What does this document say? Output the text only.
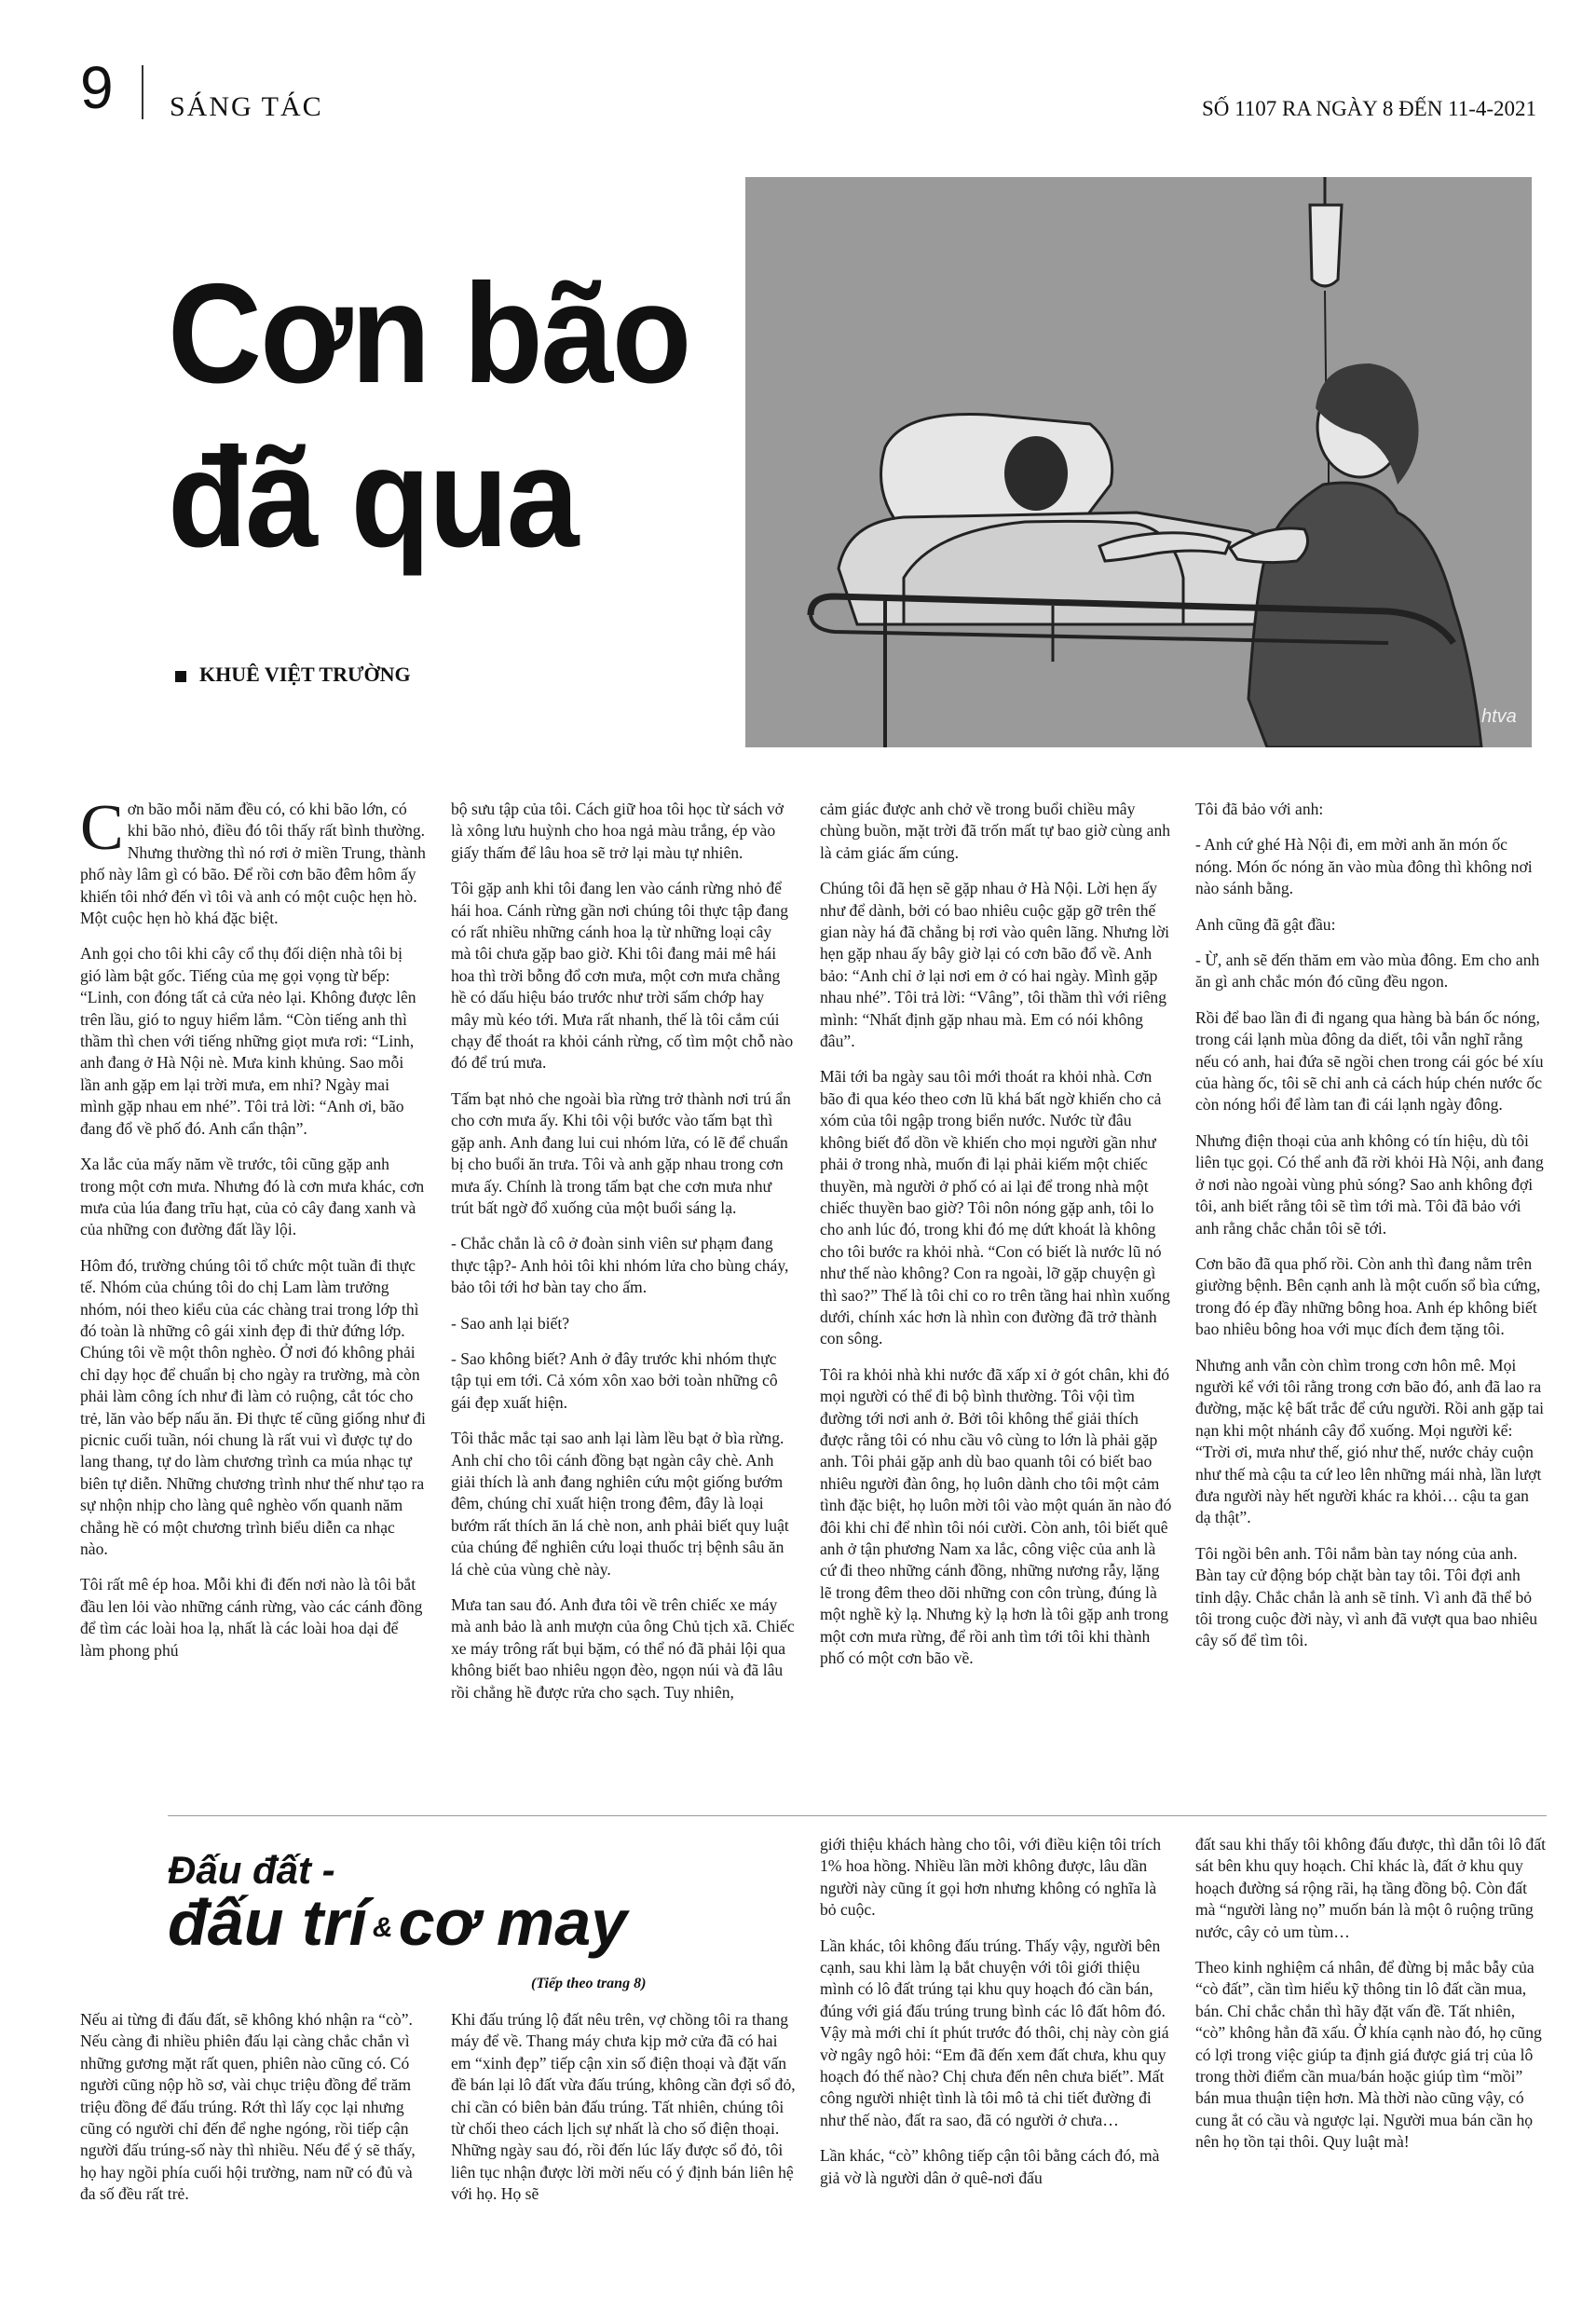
9 SÁNG TÁC	SỐ 1107 RA NGÀY 8 ĐẾN 11-4-2021
Cơn bão
đã qua
KHUÊ VIỆT TRƯỜNG
htva

Cơn bão mỗi năm đều có, có khi bão lớn, có khi bão nhỏ, điều đó tôi thấy rất bình thường. Nhưng thường thì nó rơi ở miền Trung, thành phố này lâm gì có bão. Để rồi cơn bão đêm hôm ấy khiến tôi nhớ đến vì tôi và anh có một cuộc hẹn hò. Một cuộc hẹn hò khá đặc biệt.

Anh gọi cho tôi khi cây cổ thụ đối diện nhà tôi bị gió làm bật gốc. Tiếng của mẹ gọi vọng từ bếp: “Linh, con đóng tất cả cửa nẻo lại. Không được lên trên lầu, gió to nguy hiểm lắm. “Còn tiếng anh thì thầm thì chen với tiếng những giọt mưa rơi: “Linh, anh đang ở Hà Nội nè. Mưa kinh khủng. Sao mỗi lần anh gặp em lại trời mưa, em nhỉ? Ngày mai mình gặp nhau em nhé”. Tôi trả lời: “Anh ơi, bão đang đổ về phố đó. Anh cẩn thận”.

Xa lắc của mấy năm về trước, tôi cũng gặp anh trong một cơn mưa. Nhưng đó là cơn mưa khác, cơn mưa của lúa đang trĩu hạt, của cỏ cây đang xanh và của những con đường đất lầy lội.

Hôm đó, trường chúng tôi tổ chức một tuần đi thực tế. Nhóm của chúng tôi do chị Lam làm trưởng nhóm, nói theo kiểu của các chàng trai trong lớp thì đó toàn là những cô gái xinh đẹp đi thử đứng lớp. Chúng tôi về một thôn nghèo. Ở nơi đó không phải chỉ dạy học để chuẩn bị cho ngày ra trường, mà còn phải làm công ích như đi làm cỏ ruộng, cắt tóc cho trẻ, lăn vào bếp nấu ăn. Đi thực tế cũng giống như đi picnic cuối tuần, nói chung là rất vui vì được tự do lang thang, tự do làm chương trình ca múa nhạc tự biên tự diễn. Những chương trình như thế như tạo ra sự nhộn nhịp cho làng quê nghèo vốn quanh năm chẳng hề có một chương trình biểu diễn ca nhạc nào.

Tôi rất mê ép hoa. Mỗi khi đi đến nơi nào là tôi bắt đầu len lỏi vào những cánh rừng, vào các cánh đồng để tìm các loài hoa lạ, nhất là các loài hoa dại để làm phong phú

bộ sưu tập của tôi. Cách giữ hoa tôi học từ sách vở là xông lưu huỳnh cho hoa ngả màu trắng, ép vào giấy thấm để lâu hoa sẽ trở lại màu tự nhiên.

Tôi gặp anh khi tôi đang len vào cánh rừng nhỏ để hái hoa. Cánh rừng gần nơi chúng tôi thực tập đang có rất nhiều những cánh hoa lạ từ những loại cây mà tôi chưa gặp bao giờ. Khi tôi đang mải mê hái hoa thì trời bỗng đổ cơn mưa, một cơn mưa chẳng hề có dấu hiệu báo trước như trời sấm chớp hay mây mù kéo tới. Mưa rất nhanh, thế là tôi cắm cúi chạy để thoát ra khỏi cánh rừng, cố tìm một chỗ nào đó để trú mưa.

Tấm bạt nhỏ che ngoài bìa rừng trở thành nơi trú ẩn cho cơn mưa ấy. Khi tôi vội bước vào tấm bạt thì gặp anh. Anh đang lui cui nhóm lửa, có lẽ để chuẩn bị cho buổi ăn trưa. Tôi và anh gặp nhau trong cơn mưa ấy. Chính là trong tấm bạt che cơn mưa như trút bất ngờ đổ xuống của một buổi sáng lạ.

- Chắc chắn là cô ở đoàn sinh viên sư phạm đang thực tập?- Anh hỏi tôi khi nhóm lửa cho bùng cháy, bảo tôi tới hơ bàn tay cho ấm.

- Sao anh lại biết?

- Sao không biết? Anh ở đây trước khi nhóm thực tập tụi em tới. Cả xóm xôn xao bởi toàn những cô gái đẹp xuất hiện.

Tôi thắc mắc tại sao anh lại làm lều bạt ở bìa rừng. Anh chỉ cho tôi cánh đồng bạt ngàn cây chè. Anh giải thích là anh đang nghiên cứu một giống bướm đêm, chúng chỉ xuất hiện trong đêm, đây là loại bướm rất thích ăn lá chè non, anh phải biết quy luật của chúng để nghiên cứu loại thuốc trị bệnh sâu ăn lá chè của vùng chè này.

Mưa tan sau đó. Anh đưa tôi về trên chiếc xe máy mà anh bảo là anh mượn của ông Chủ tịch xã. Chiếc xe máy trông rất bụi bặm, có thể nó đã phải lội qua không biết bao nhiêu ngọn đèo, ngọn núi và đã lâu rồi chẳng hề được rửa cho sạch. Tuy nhiên,

cảm giác được anh chở về trong buổi chiều mây chùng buồn, mặt trời đã trốn mất tự bao giờ cùng anh là cảm giác ấm cúng.

Chúng tôi đã hẹn sẽ gặp nhau ở Hà Nội. Lời hẹn ấy như để dành, bởi có bao nhiêu cuộc gặp gỡ trên thế gian này há đã chẳng bị rơi vào quên lãng. Nhưng lời hẹn gặp nhau ấy bây giờ lại có cơn bão đổ về. Anh bảo: “Anh chỉ ở lại nơi em ở có hai ngày. Mình gặp nhau nhé”. Tôi trả lời: “Vâng”, tôi thầm thì với riêng mình: “Nhất định gặp nhau mà. Em có nói không đâu”.

Mãi tới ba ngày sau tôi mới thoát ra khỏi nhà. Cơn bão đi qua kéo theo cơn lũ khá bất ngờ khiến cho cả xóm của tôi ngập trong biển nước. Nước từ đâu không biết đổ dồn về khiến cho mọi người gần như phải ở trong nhà, muốn đi lại phải kiếm một chiếc thuyền, mà người ở phố có ai lại để trong nhà một chiếc thuyền bao giờ? Tôi nôn nóng gặp anh, tôi lo cho anh lúc đó, trong khi đó mẹ dứt khoát là không cho tôi bước ra khỏi nhà. “Con có biết là nước lũ nó như thế nào không? Con ra ngoài, lỡ gặp chuyện gì thì sao?” Thế là tôi chỉ co ro trên tầng hai nhìn xuống dưới, chính xác hơn là nhìn con đường đã trở thành con sông.

Tôi ra khỏi nhà khi nước đã xấp xỉ ở gót chân, khi đó mọi người có thể đi bộ bình thường. Tôi vội tìm đường tới nơi anh ở. Bởi tôi không thể giải thích được rằng tôi có nhu cầu vô cùng to lớn là phải gặp anh. Tôi phải gặp anh dù bao quanh tôi có biết bao nhiêu người đàn ông, họ luôn dành cho tôi một cảm tình đặc biệt, họ luôn mời tôi vào một quán ăn nào đó đôi khi chỉ để nhìn tôi nói cười. Còn anh, tôi biết quê anh ở tận phương Nam xa lắc, công việc của anh là cứ đi theo những cánh đồng, những nương rẫy, lặng lẽ trong đêm theo dõi những con côn trùng, đúng là một nghề kỳ lạ. Nhưng kỳ lạ hơn là tôi gặp anh trong một cơn mưa rừng, để rồi anh tìm tới tôi khi thành phố có một cơn bão về.

Tôi đã bảo với anh:

- Anh cứ ghé Hà Nội đi, em mời anh ăn món ốc nóng. Món ốc nóng ăn vào mùa đông thì không nơi nào sánh bằng.

Anh cũng đã gật đầu:

- Ừ, anh sẽ đến thăm em vào mùa đông. Em cho anh ăn gì anh chắc món đó cũng đều ngon.

Rồi để bao lần đi đi ngang qua hàng bà bán ốc nóng, trong cái lạnh mùa đông da diết, tôi vẫn nghĩ rằng nếu có anh, hai đứa sẽ ngồi chen trong cái góc bé xíu của hàng ốc, tôi sẽ chỉ anh cả cách húp chén nước ốc còn nóng hổi để làm tan đi cái lạnh ngày đông.

Nhưng điện thoại của anh không có tín hiệu, dù tôi liên tục gọi. Có thể anh đã rời khỏi Hà Nội, anh đang ở nơi nào ngoài vùng phủ sóng? Sao anh không đợi tôi, anh biết rằng tôi sẽ tìm tới mà. Tôi đã bảo với anh rằng chắc chắn tôi sẽ tới.

Cơn bão đã qua phố rồi. Còn anh thì đang nằm trên giường bệnh. Bên cạnh anh là một cuốn sổ bìa cứng, trong đó ép đầy những bông hoa. Anh ép không biết bao nhiêu bông hoa với mục đích đem tặng tôi.

Nhưng anh vẫn còn chìm trong cơn hôn mê. Mọi người kể với tôi rằng trong cơn bão đó, anh đã lao ra đường, mặc kệ bất trắc để cứu người. Rồi anh gặp tai nạn khi một nhánh cây đổ xuống. Mọi người kể: “Trời ơi, mưa như thế, gió như thế, nước chảy cuộn như thế mà cậu ta cứ leo lên những mái nhà, lần lượt đưa người này hết người khác ra khỏi… cậu ta gan dạ thật”.

Tôi ngồi bên anh. Tôi nắm bàn tay nóng của anh. Bàn tay cử động bóp chặt bàn tay tôi. Tôi đợi anh tỉnh dậy. Chắc chắn là anh sẽ tỉnh. Vì anh đã thể bỏ tôi trong cuộc đời này, vì anh đã vượt qua bao nhiêu cây số để tìm tôi.

Đấu đất -
đấu trí &cơ may
(Tiếp theo trang 8)

Nếu ai từng đi đấu đất, sẽ không khó nhận ra “cò”. Nếu càng đi nhiều phiên đấu lại càng chắc chắn vì những gương mặt rất quen, phiên nào cũng có. Có người cũng nộp hồ sơ, vài chục triệu đồng để trăm triệu đồng để đấu trúng. Rớt thì lấy cọc lại nhưng cũng có người chỉ đến để nghe ngóng, rồi tiếp cận người đấu trúng-số này thì nhiều. Nếu để ý sẽ thấy, họ hay ngồi phía cuối hội trường, nam nữ có đủ và đa số đều rất trẻ.

Khi đấu trúng lộ đất nêu trên, vợ chồng tôi ra thang máy để về. Thang máy chưa kịp mở cửa đã có hai em “xinh đẹp” tiếp cận xin số điện thoại và đặt vấn đề bán lại lô đất vừa đấu trúng, không cần đợi sổ đỏ, chỉ cần có biên bản đấu trúng. Tất nhiên, chúng tôi từ chối theo cách lịch sự nhất là cho số điện thoại. Những ngày sau đó, rồi đến lúc lấy được sổ đỏ, tôi liên tục nhận được lời mời nếu có ý định bán liên hệ với họ. Họ sẽ

giới thiệu khách hàng cho tôi, với điều kiện tôi trích 1% hoa hồng. Nhiều lần mời không được, lâu dần người này cũng ít gọi hơn nhưng không có nghĩa là bỏ cuộc.

Lần khác, tôi không đấu trúng. Thấy vậy, người bên cạnh, sau khi làm lạ bắt chuyện với tôi giới thiệu mình có lô đất trúng tại khu quy hoạch đó cần bán, đúng với giá đấu trúng trung bình các lô đất hôm đó. Vậy mà mới chỉ ít phút trước đó thôi, chị này còn giá vờ ngây ngô hỏi: “Em đã đến xem đất chưa, khu quy hoạch đó thế nào? Chị chưa đến nên chưa biết”. Mất công người nhiệt tình là tôi mô tả chi tiết đường đi như thế nào, đất ra sao, đã có người ở chưa…

Lần khác, “cò” không tiếp cận tôi bằng cách đó, mà giả vờ là người dân ở quê-nơi đấu

đất sau khi thấy tôi không đấu được, thì dẫn tôi lô đất sát bên khu quy hoạch. Chỉ khác là, đất ở khu quy hoạch đường sá rộng rãi, hạ tầng đồng bộ. Còn đất mà “người làng nọ” muốn bán là một ô ruộng trũng nước, cây cỏ um tùm…

Theo kinh nghiệm cá nhân, để đừng bị mắc bẫy của “cò đất”, cần tìm hiểu kỹ thông tin lô đất cần mua, bán. Chỉ chắc chắn thì hãy đặt vấn đề. Tất nhiên, “cò” không hẳn đã xấu. Ở khía cạnh nào đó, họ cũng có lợi trong việc giúp ta định giá được giá trị của lô trong thời điểm cần mua/bán hoặc giúp tìm “mồi” bán mua thuận tiện hơn. Mà thời nào cũng vậy, có cung ắt có cầu và ngược lại. Người mua bán cần họ nên họ tồn tại thôi. Quy luật mà!
